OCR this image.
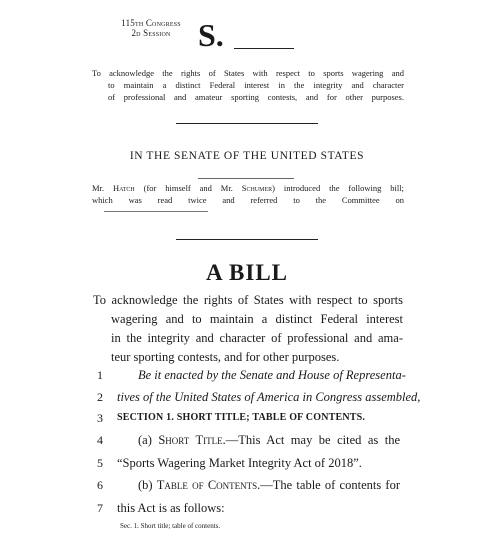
115th Congress
2d Session S.
To acknowledge the rights of States with respect to sports wagering and
to maintain a distinct Federal interest in the integrity and character
of professional and amateur sporting contests, and for other purposes.
IN THE SENATE OF THE UNITED STATES
Mr. Hatch (for himself and Mr. Schumer) introduced the following bill;
which was read twice and referred to the Committee on
A BILL
To acknowledge the rights of States with respect to sports
wagering and to maintain a distinct Federal interest
in the integrity and character of professional and ama-
teur sporting contests, and for other purposes.
1	Be it enacted by the Senate and House of Representa-
2	tives of the United States of America in Congress assembled,
3	SECTION 1. SHORT TITLE; TABLE OF CONTENTS.
4	(a) Short Title.—This Act may be cited as the
5	“Sports Wagering Market Integrity Act of 2018”.
6	(b) Table of Contents.—The table of contents for
7	this Act is as follows:
Sec. 1. Short title; table of contents.
